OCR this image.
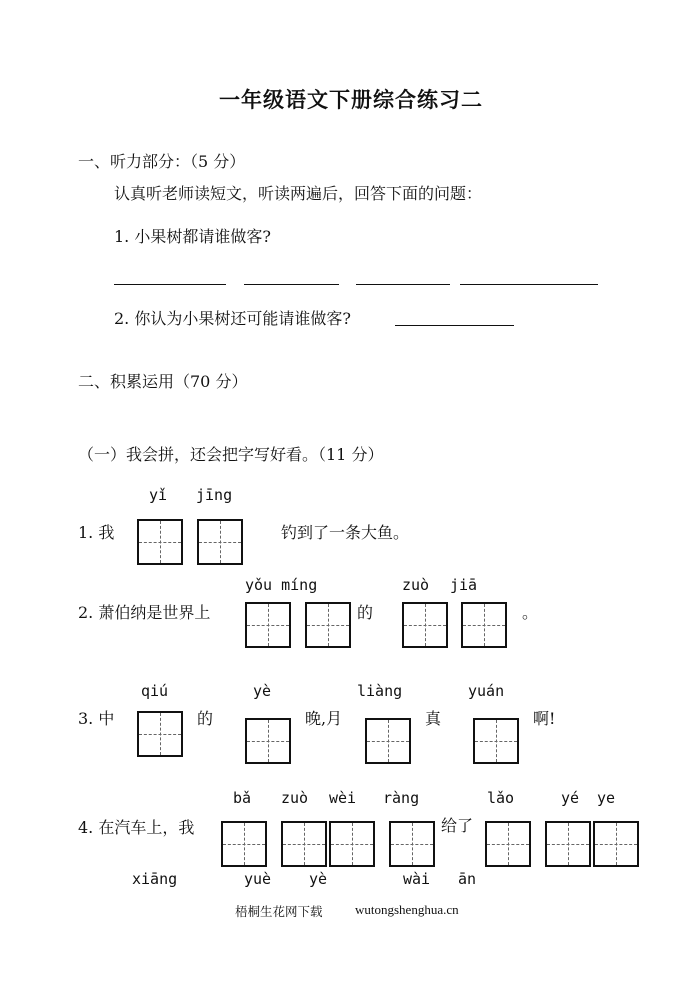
一年级语文下册综合练习二
一、听力部分：（5 分）
认真听老师读短文，听读两遍后，回答下面的问题：
1. 小果树都请谁做客?
2. 你认为小果树还可能请谁做客?
二、积累运用（70 分）
（一）我会拼，还会把字写好看。（11 分）
yǐ jīng
1. 我	钓到了一条大鱼。
yǒu míng	zuò jiā
2. 萧伯纳是世界上	的	。
qiú	yè	liàng	yuán
3. 中	的	晚,月	真	啊!
bǎ zuò wèi ràng	lǎo	yé ye
4. 在汽车上，我	给了
xiāng	yuè	yè	wài ān
梧桐生花网下载 wutongshenghua.cn
